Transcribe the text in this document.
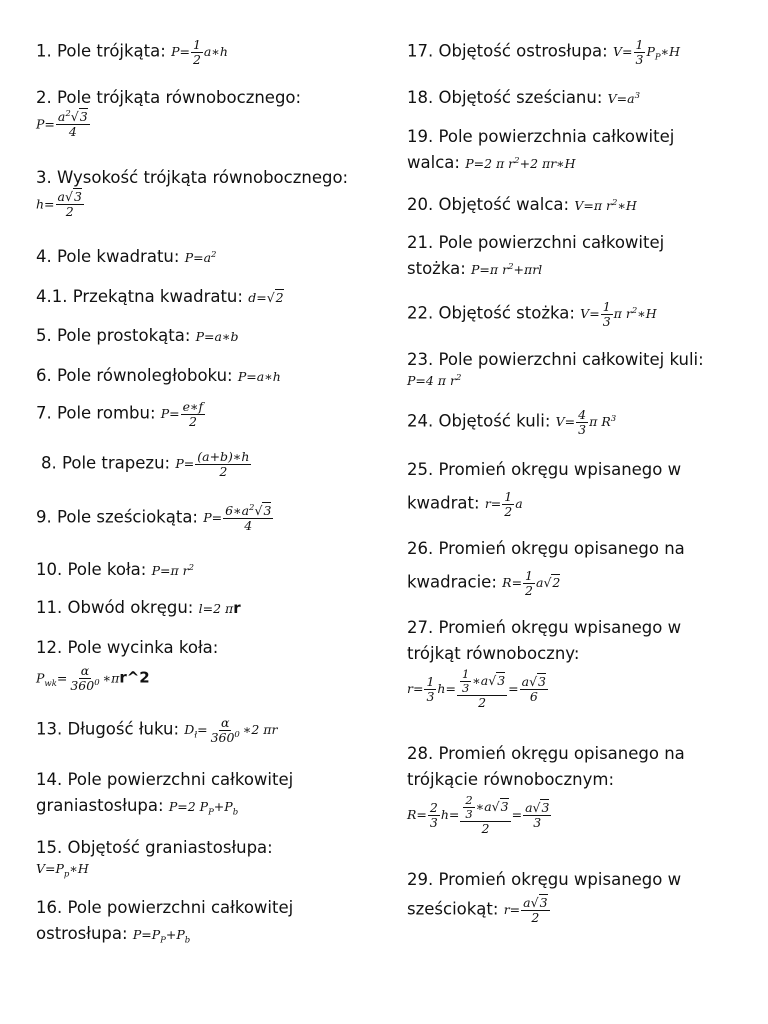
1. Pole trójkąta: $P= \frac{1}{2}$ a∗h
2. Pole trójkąta równobocznego:
$P= \frac{a^2√3}{4}$
3. Wysokość trójkąta równobocznego:
$h= \frac{a√3}{2}$
4. Pole kwadratu: $P=a^2$
4.1. Przekątna kwadratu: d=√2
5. Pole prostokąta: P=a∗b
6. Pole równoległoboku: P=a∗h
7. Pole rombu: $P= \frac{e∗f}{2}$
8. Pole trapezu: $P= \frac{(a+b)∗h}{2}$
9. Pole sześciokąta: $P= \frac{6∗a^2√3}{4}$
10. Pole koła: P=π $r^2$
11. Obwód okręgu: l=2 πr
12. Pole wycinka koła:
$P_{wk}= \frac{\alpha}{360^0}$ ∗πr^2
13. Długość łuku: $D_ł= \frac{\alpha}{360^0}$ ∗2 πr
14. Pole powierzchni całkowitej
graniastosłupa: P=2 $P_P+P_b$
15. Objętość graniastosłupa:
$V=P_p∗H$
16. Pole powierzchni całkowitej
ostrosłupa: $P=P_P+P_b$
17. Objętość ostrosłupa: $V= \frac{1}{3}$ $P_P∗H$
18. Objętość sześcianu: $V=a^3$
19. Pole powierzchnia całkowitej
walca: P=2 π $r^2+2$ πr∗H
20. Objętość walca: V=π $r^2∗H$
21. Pole powierzchni całkowitej
stożka: P=π $r^2+\pi rl$
22. Objętość stożka: $V= \frac{1}{3}$ π $r^2∗H$
23. Pole powierzchni całkowitej kuli:
P=4 π $r^2$
24. Objętość kuli: $V= \frac{4}{3}$ π $R^3$
25. Promień okręgu wpisanego w
kwadrat: $r= \frac{1}{2}$ a
26. Promień okręgu opisanego na
kwadracie: $R= \frac{1}{2} a√2$
27. Promień okręgu wpisanego w
trójkąt równoboczny:
$r= \frac{1}{3} h= \frac{\frac{1}{3} ∗a√3}{2} = \frac{a√3}{6}$
28. Promień okręgu opisanego na
trójkącie równobocznym:
$R= \frac{2}{3} h= \frac{\frac{2}{3} ∗a√3}{2} = \frac{a√3}{3}$
29. Promień okręgu wpisanego w
sześciokąt: $r= \frac{a√3}{2}$
